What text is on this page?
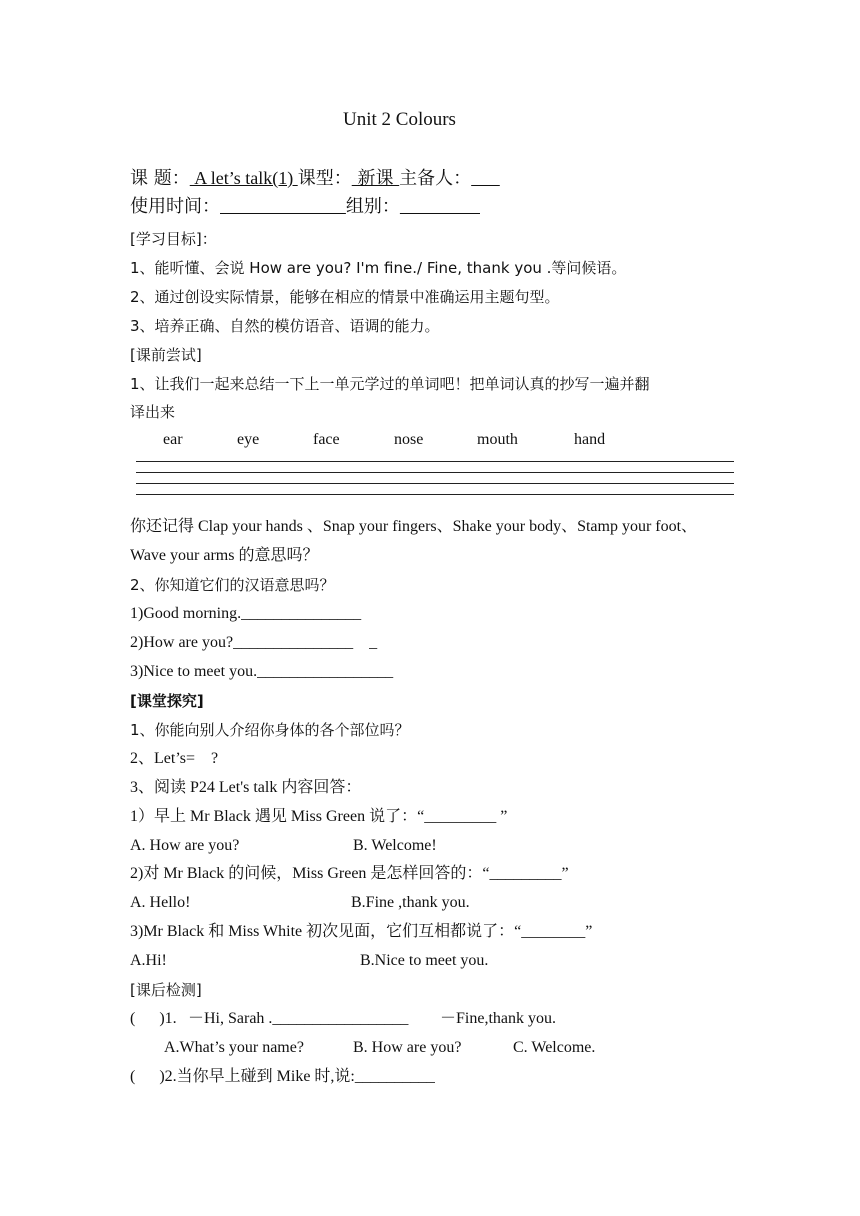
Unit 2 Colours
课 题： A let’s talk(1) 课型： 新课 主备人：
使用时间：	组别：
[学习目标]：
1、能听懂、会说 How are you? I'm fine./ Fine, thank you .等问候语。
2、通过创设实际情景，能够在相应的情景中准确运用主题句型。
3、培养正确、自然的模仿语音、语调的能力。
[课前尝试]
1、让我们一起来总结一下上一单元学过的单词吧！把单词认真的抄写一遍并翻
译出来
ear	eye	face	nose	mouth	hand
你还记得 Clap your hands 、Snap your fingers、Shake your body、Stamp your foot、
Wave your arms 的意思吗？
2、你知道它们的汉语意思吗？
1)Good morning._______________
2)How are you?_______________    _
3)Nice to meet you._________________
[课堂探究]
1、你能向别人介绍你身体的各个部位吗？
2、Let’s=    ?
3、阅读 P24 Let's talk 内容回答：
1）早上 Mr Black 遇见 Miss Green 说了：“_________ ”
A. How are you?	B. Welcome!
2)对 Mr Black 的问候，Miss Green 是怎样回答的：“_________”
A. Hello!	B.Fine ,thank you.
3)Mr Black 和 Miss White 初次见面，它们互相都说了：“________”
A.Hi!	B.Nice to meet you.
[课后检测]
(      )1. －Hi, Sarah ._________________ －Fine,thank you.
A.What’s your name?	B. How are you?	C. Welcome.
(      )2.当你早上碰到 Mike 时,说:__________
